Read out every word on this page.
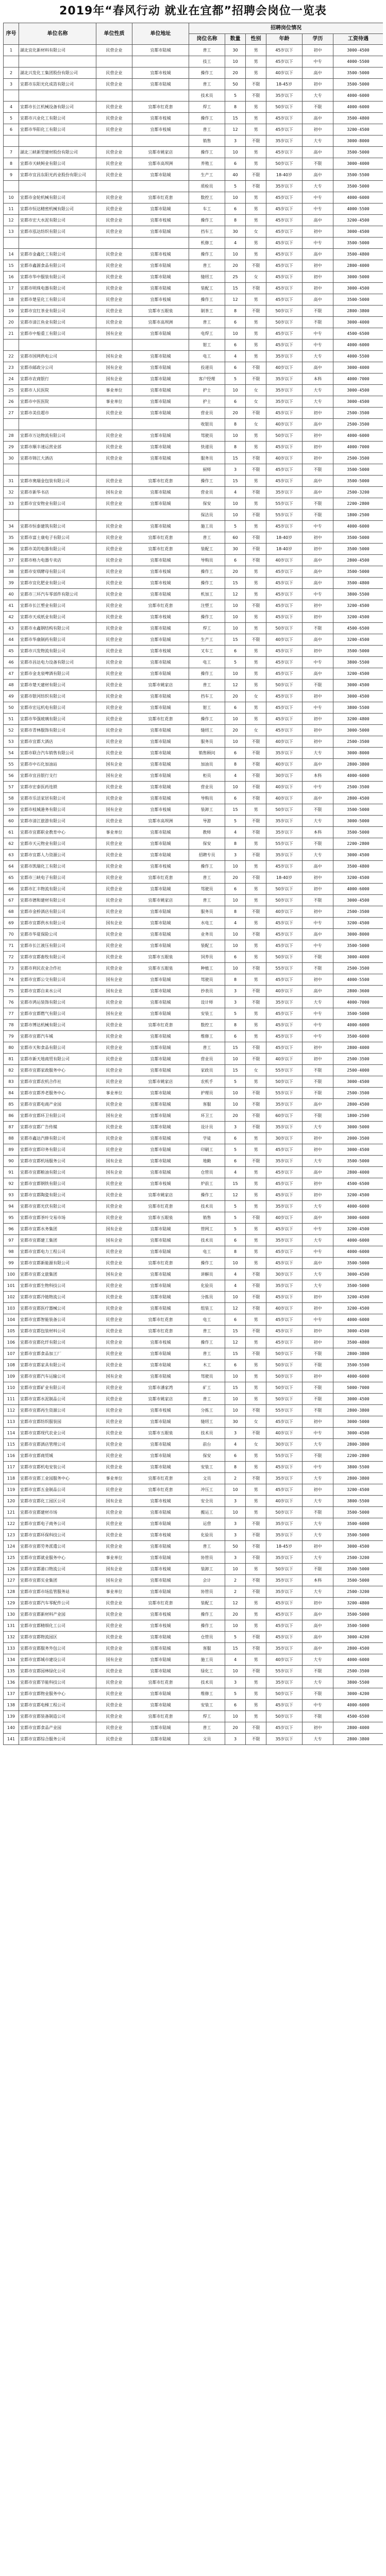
2019年“春风行动 就业在宜都”招聘会岗位一览表
序号	单位名称	单位性质	单位地址	招聘岗位情况					
				岗位名称	数量	性别	年龄	学历	工资待遇
1	湖北宜化新材料有限公司	民营企业	宜都市陆城	普工	30	男	45岁以下	初中	3000-4500
				技工	10	男	45岁以下	中专	4000-5500
2	湖北兴发化工集团股份有限公司	民营企业	宜都市枝城	操作工	20	男	40岁以下	高中	3500-5000
3	宜都市东阳光化成箔有限公司	民营企业	宜都市陆城	普工	50	不限	18-45岁	初中	3500-5000
				技术员	5	不限	35岁以下	大专	4000-6000
4	宜都市长江机械设备有限公司	民营企业	宜都市红花套	焊工	8	男	50岁以下	不限	4000-6000
5	宜都市兴业化工有限公司	民营企业	宜都市枝城	操作工	15	男	45岁以下	高中	3500-4800
6	宜都市华阳化工有限公司	民营企业	宜都市枝城	普工	12	男	45岁以下	初中	3200-4500
				销售	3	不限	35岁以下	大专	3000-8000
7	湖北三峡新型建材股份有限公司	民营企业	宜都市姚家店	操作工	10	男	45岁以下	高中	3500-5000
8	宜都市天峡鲟业有限公司	民营企业	宜都市高坝洲	养殖工	6	男	50岁以下	不限	3000-4000
9	宜都市宜昌东阳光药业股份有限公司	民营企业	宜都市陆城	生产工	40	不限	18-40岁	高中	3500-5500
				质检员	5	不限	35岁以下	大专	3500-5000
10	宜都市金轮机械有限公司	民营企业	宜都市红花套	数控工	10	男	45岁以下	中专	4000-6000
11	宜都市恒达精密机械有限公司	民营企业	宜都市陆城	车工	6	男	45岁以下	中专	4000-5500
12	宜都市宏大水泥有限公司	民营企业	宜都市枝城	操作工	8	男	45岁以下	高中	3200-4500
13	宜都市泓达纺织有限公司	民营企业	宜都市陆城	挡车工	30	女	45岁以下	初中	3000-4500
				机修工	4	男	45岁以下	中专	3500-5000
14	宜都市金鑫化工有限公司	民营企业	宜都市枝城	操作工	10	男	45岁以下	高中	3500-4800
15	宜都市鑫源食品有限公司	民营企业	宜都市陆城	普工	20	不限	45岁以下	初中	2800-4000
16	宜都市华中服装有限公司	民营企业	宜都市陆城	缝纫工	25	女	45岁以下	初中	3000-5000
17	宜都市明珠电器有限公司	民营企业	宜都市陆城	装配工	15	不限	45岁以下	初中	3000-4500
18	宜都市楚星化工有限公司	民营企业	宜都市枝城	操作工	12	男	45岁以下	高中	3500-5000
19	宜都市宜红茶业有限公司	民营企业	宜都市五眼泉	制茶工	8	不限	50岁以下	不限	2800-3800
20	宜都市清江鱼业有限公司	民营企业	宜都市高坝洲	普工	6	男	50岁以下	不限	3000-4000
21	宜都市中船重工有限公司	国有企业	宜都市陆城	电焊工	10	男	45岁以下	中专	4500-6500
				钳工	6	男	45岁以下	中专	4000-6000
22	宜都市国网供电公司	国有企业	宜都市陆城	电工	4	男	35岁以下	大专	4000-5500
23	宜都市邮政分公司	国有企业	宜都市陆城	投递员	6	不限	40岁以下	高中	3000-4000
24	宜都市农商银行	国有企业	宜都市陆城	客户经理	5	不限	35岁以下	本科	4000-7000
25	宜都市人民医院	事业单位	宜都市陆城	护士	10	女	35岁以下	大专	3000-4500
26	宜都市中医医院	事业单位	宜都市陆城	护士	6	女	35岁以下	大专	3000-4500
27	宜都市美佳超市	民营企业	宜都市陆城	营业员	20	不限	45岁以下	初中	2500-3500
				收银员	8	女	40岁以下	高中	2500-3500
28	宜都市万达物流有限公司	民营企业	宜都市陆城	驾驶员	10	男	50岁以下	初中	4000-6000
29	宜都市顺丰速运营业部	民营企业	宜都市陆城	快递员	8	男	45岁以下	初中	4000-7000
30	宜都市锦江大酒店	民营企业	宜都市陆城	服务员	15	不限	40岁以下	初中	2500-3500
				厨师	3	不限	45岁以下	不限	3500-5000
31	宜都市奥瑞金包装有限公司	民营企业	宜都市红花套	操作工	15	男	45岁以下	高中	3500-5000
32	宜都市新华书店	国有企业	宜都市陆城	营业员	4	不限	35岁以下	高中	2500-3200
33	宜都市宜安物业有限公司	民营企业	宜都市陆城	保安	10	男	55岁以下	不限	2200-2800
				保洁员	10	不限	55岁以下	不限	1800-2500
34	宜都市恒泰建筑有限公司	民营企业	宜都市陆城	施工员	5	男	45岁以下	中专	4000-6000
35	宜都市富士康电子有限公司	民营企业	宜都市红花套	普工	60	不限	18-40岁	初中	3500-5000
36	宜都市美的电器有限公司	民营企业	宜都市红花套	装配工	30	不限	18-40岁	初中	3500-5000
37	宜都市格力电器专卖店	民营企业	宜都市陆城	导购员	6	不限	40岁以下	高中	2800-4500
38	宜都市安琪酵母有限公司	民营企业	宜都市枝城	操作工	20	男	45岁以下	高中	3500-5000
39	宜都市宜化肥业有限公司	民营企业	宜都市枝城	操作工	15	男	45岁以下	高中	3500-4800
40	宜都市三环汽车零部件有限公司	民营企业	宜都市陆城	机加工	12	男	45岁以下	中专	3800-5500
41	宜都市长江塑业有限公司	民营企业	宜都市红花套	注塑工	10	不限	45岁以下	初中	3200-4500
42	宜都市天成纸业有限公司	民营企业	宜都市枝城	操作工	10	男	45岁以下	初中	3200-4500
43	宜都市永鑫钢结构有限公司	民营企业	宜都市陆城	焊工	10	男	50岁以下	不限	4500-6500
44	宜都市华康制药有限公司	民营企业	宜都市陆城	生产工	15	不限	40岁以下	高中	3200-4500
45	宜都市兴发物流有限公司	民营企业	宜都市枝城	叉车工	6	男	45岁以下	初中	3500-5000
46	宜都市昌达电力设备有限公司	民营企业	宜都市陆城	电工	5	男	45岁以下	中专	3800-5500
47	宜都市金龙泉啤酒有限公司	民营企业	宜都市陆城	操作工	10	男	45岁以下	高中	3200-4500
48	宜都市楚天建材有限公司	民营企业	宜都市姚家店	普工	12	男	50岁以下	不限	3000-4500
49	宜都市银河纺织有限公司	民营企业	宜都市陆城	挡车工	20	女	45岁以下	初中	3000-4500
50	宜都市宏远机电有限公司	民营企业	宜都市陆城	钳工	6	男	45岁以下	中专	3800-5500
51	宜都市华强玻璃有限公司	民营企业	宜都市红花套	操作工	10	男	45岁以下	初中	3200-4800
52	宜都市青林服饰有限公司	民营企业	宜都市陆城	缝纫工	20	女	45岁以下	初中	3000-5000
53	宜都市宜都大酒店	民营企业	宜都市陆城	服务员	10	不限	40岁以下	初中	2500-3500
54	宜都市联合汽车销售有限公司	民营企业	宜都市陆城	销售顾问	6	不限	35岁以下	大专	3000-8000
55	宜都市中石化加油站	国有企业	宜都市陆城	加油员	8	不限	40岁以下	高中	2800-3800
56	宜都市宜昌银行支行	国有企业	宜都市陆城	柜员	4	不限	30岁以下	本科	4000-6000
57	宜都市宏泰医药连锁	民营企业	宜都市陆城	营业员	10	不限	40岁以下	中专	2500-3500
58	宜都市乐活家居有限公司	民营企业	宜都市陆城	导购员	6	不限	40岁以下	高中	2800-4500
59	宜都市枝城港务有限公司	国有企业	宜都市枝城	装卸工	15	男	50岁以下	不限	3500-5000
60	宜都市清江旅游有限公司	民营企业	宜都市高坝洲	导游	5	不限	35岁以下	大专	3000-5000
61	宜都市宜都职业教育中心	事业单位	宜都市陆城	教师	4	不限	35岁以下	本科	3500-5000
62	宜都市天元物业有限公司	民营企业	宜都市陆城	保安	8	男	55岁以下	不限	2200-2800
63	宜都市宜都人力资源公司	民营企业	宜都市陆城	招聘专员	3	不限	35岁以下	大专	3000-4500
64	宜都市凯瑞化工有限公司	民营企业	宜都市枝城	操作工	10	男	45岁以下	高中	3500-4800
65	宜都市三峡电子有限公司	民营企业	宜都市红花套	普工	20	不限	18-40岁	初中	3200-4500
66	宜都市汇丰物流有限公司	民营企业	宜都市陆城	驾驶员	6	男	50岁以下	初中	4000-6000
67	宜都市德和建材有限公司	民营企业	宜都市姚家店	普工	10	男	50岁以下	不限	3000-4500
68	宜都市金桥酒店有限公司	民营企业	宜都市陆城	服务员	8	不限	40岁以下	初中	2500-3500
69	宜都市宜都供水有限公司	国有企业	宜都市陆城	水电工	4	男	45岁以下	中专	3200-4500
70	宜都市华夏保险公司	民营企业	宜都市陆城	业务员	10	不限	45岁以下	高中	3000-8000
71	宜都市长江液压有限公司	民营企业	宜都市陆城	装配工	10	男	45岁以下	中专	3500-5000
72	宜都市宜都畜牧有限公司	民营企业	宜都市五眼泉	饲养员	6	男	50岁以下	不限	3000-4000
73	宜都市利民农业合作社	民营企业	宜都市五眼泉	种植工	10	不限	55岁以下	不限	2500-3500
74	宜都市宜都公交有限公司	国有企业	宜都市陆城	驾驶员	8	男	45岁以下	初中	4000-5500
75	宜都市宜都自来水公司	国有企业	宜都市陆城	抄表员	3	不限	40岁以下	高中	2800-3600
76	宜都市鸿运装饰有限公司	民营企业	宜都市陆城	设计师	3	不限	35岁以下	大专	4000-7000
77	宜都市宜都燃气有限公司	国有企业	宜都市陆城	安装工	5	男	45岁以下	中专	3500-5000
78	宜都市博达机械有限公司	民营企业	宜都市红花套	数控工	8	男	45岁以下	中专	4000-6000
79	宜都市宜都汽车城	民营企业	宜都市陆城	维修工	6	男	45岁以下	中专	3500-6000
80	宜都市天和食品有限公司	民营企业	宜都市陆城	普工	15	不限	45岁以下	初中	2800-4000
81	宜都市新天地商贸有限公司	民营企业	宜都市陆城	营业员	10	不限	40岁以下	初中	2500-3500
82	宜都市宜都家政服务中心	民营企业	宜都市陆城	家政员	15	女	55岁以下	不限	2500-4000
83	宜都市宜都农机合作社	民营企业	宜都市姚家店	农机手	5	男	50岁以下	不限	3000-4500
84	宜都市宜都养老服务中心	事业单位	宜都市陆城	护理员	10	不限	55岁以下	不限	2500-3500
85	宜都市宜都电商产业园	民营企业	宜都市陆城	客服	10	不限	35岁以下	高中	2800-4500
86	宜都市宜都环卫有限公司	国有企业	宜都市陆城	环卫工	20	不限	60岁以下	不限	1800-2500
87	宜都市宜都广告传媒	民营企业	宜都市陆城	设计员	3	不限	35岁以下	大专	3000-5000
88	宜都市鑫达汽修有限公司	民营企业	宜都市陆城	学徒	6	男	30岁以下	初中	2000-3500
89	宜都市宜都印务有限公司	民营企业	宜都市陆城	印刷工	5	男	45岁以下	初中	3000-4500
90	宜都市宜都机场服务公司	国有企业	宜都市陆城	地勤	6	不限	35岁以下	大专	3500-5000
91	宜都市宜都粮油有限公司	国有企业	宜都市陆城	仓管员	4	男	45岁以下	高中	2800-4000
92	宜都市宜都钢铁有限公司	民营企业	宜都市枝城	炉前工	15	男	45岁以下	初中	4500-6500
93	宜都市宜都陶瓷有限公司	民营企业	宜都市姚家店	操作工	12	男	45岁以下	初中	3200-4500
94	宜都市宜都光伏有限公司	民营企业	宜都市红花套	技术员	5	男	35岁以下	大专	4000-6000
95	宜都市宜都茶叶交易市场	民营企业	宜都市五眼泉	销售	5	不限	40岁以下	高中	3000-6000
96	宜都市宜都水务集团	国有企业	宜都市陆城	管网工	5	男	45岁以下	中专	3200-4500
97	宜都市宜都建工集团	国有企业	宜都市陆城	技术员	6	男	35岁以下	大专	4000-6000
98	宜都市宜都电力工程公司	民营企业	宜都市陆城	电工	8	男	45岁以下	中专	4000-6000
99	宜都市宜都新能源有限公司	民营企业	宜都市红花套	操作工	10	男	45岁以下	高中	3500-5000
100	宜都市宜都文旅集团	国有企业	宜都市陆城	讲解员	4	不限	30岁以下	大专	3000-4500
101	宜都市宜都生物科技公司	民营企业	宜都市陆城	化验员	4	不限	35岁以下	大专	3500-5000
102	宜都市宜都冷链物流公司	民营企业	宜都市陆城	分拣员	10	不限	45岁以下	初中	3200-4500
103	宜都市宜都医疗器械公司	民营企业	宜都市陆城	组装工	12	不限	40岁以下	初中	3200-4500
104	宜都市宜都智能装备公司	民营企业	宜都市红花套	电工	6	男	45岁以下	中专	4000-6000
105	宜都市宜都包装材料公司	民营企业	宜都市红花套	普工	15	不限	45岁以下	初中	3000-4500
106	宜都市宜都化纤有限公司	民营企业	宜都市枝城	操作工	12	男	45岁以下	初中	3500-4800
107	宜都市宜都食品加工厂	民营企业	宜都市陆城	普工	15	不限	50岁以下	不限	2800-3800
108	宜都市宜都家具有限公司	民营企业	宜都市陆城	木工	6	男	50岁以下	不限	3500-5500
109	宜都市宜都汽车运输公司	国有企业	宜都市陆城	驾驶员	10	男	50岁以下	初中	4000-6000
110	宜都市宜都矿业有限公司	民营企业	宜都市潘家湾	矿工	15	男	50岁以下	不限	5000-7000
111	宜都市宜都水泥制品公司	民营企业	宜都市姚家店	普工	10	男	50岁以下	不限	3000-4500
112	宜都市宜都再生资源公司	民营企业	宜都市枝城	分拣工	10	不限	55岁以下	不限	2800-3800
113	宜都市宜都纺织服装园	民营企业	宜都市陆城	缝纫工	30	女	45岁以下	初中	3000-5000
114	宜都市宜都现代农业公司	民营企业	宜都市五眼泉	技术员	3	不限	40岁以下	中专	3000-4500
115	宜都市宜都酒店管理公司	民营企业	宜都市陆城	前台	4	女	30岁以下	大专	2800-3800
116	宜都市宜都商贸城	民营企业	宜都市陆城	保安	6	男	55岁以下	不限	2200-2800
117	宜都市宜都机电安装公司	民营企业	宜都市陆城	安装工	8	男	45岁以下	中专	3800-5500
118	宜都市宜都工业园服务中心	事业单位	宜都市红花套	文员	2	不限	35岁以下	大专	2800-3800
119	宜都市宜都五金制品公司	民营企业	宜都市红花套	冲压工	10	男	45岁以下	初中	3200-4500
120	宜都市宜都化工园区公司	国有企业	宜都市枝城	安全员	3	男	40岁以下	大专	3800-5500
121	宜都市宜都建材市场	民营企业	宜都市陆城	搬运工	10	男	50岁以下	不限	3500-5000
122	宜都市宜都电子商务公司	民营企业	宜都市陆城	运营	3	不限	35岁以下	大专	3500-6000
123	宜都市宜都环保科技公司	民营企业	宜都市枝城	化验员	3	不限	35岁以下	大专	3500-5000
124	宜都市宜都劳务派遣公司	民营企业	宜都市陆城	普工	50	不限	18-45岁	初中	3000-4500
125	宜都市宜都就业服务中心	事业单位	宜都市陆城	协管员	3	不限	35岁以下	大专	2500-3200
126	宜都市宜都港口物流公司	国有企业	宜都市枝城	装卸工	10	男	50岁以下	不限	3500-5000
127	宜都市宜都实业集团	国有企业	宜都市陆城	会计	2	不限	35岁以下	本科	3500-5000
128	宜都市宜都市场监管服务站	事业单位	宜都市陆城	协管员	2	不限	35岁以下	大专	2500-3200
129	宜都市宜都汽车零配件公司	民营企业	宜都市红花套	装配工	12	男	45岁以下	初中	3200-4800
130	宜都市宜都新材料产业园	民营企业	宜都市枝城	操作工	20	男	45岁以下	高中	3500-5000
131	宜都市宜都精细化工公司	民营企业	宜都市枝城	操作工	10	男	45岁以下	高中	3500-5000
132	宜都市宜都物流园区	民营企业	宜都市陆城	仓管员	5	不限	45岁以下	高中	3000-4200
133	宜都市宜都服务外包公司	民营企业	宜都市陆城	客服	15	不限	35岁以下	高中	2800-4500
134	宜都市宜都城市建设公司	国有企业	宜都市陆城	施工员	4	男	40岁以下	大专	4000-6000
135	宜都市宜都园林绿化公司	民营企业	宜都市陆城	绿化工	10	不限	55岁以下	不限	2500-3500
136	宜都市宜都节能科技公司	民营企业	宜都市红花套	技术员	3	男	35岁以下	大专	3800-5500
137	宜都市宜都物业服务中心	民营企业	宜都市陆城	维修工	5	男	50岁以下	不限	3000-4200
138	宜都市宜都电梯工程公司	民营企业	宜都市陆城	安装工	6	男	45岁以下	中专	4000-6000
139	宜都市宜都装备制造公司	民营企业	宜都市红花套	焊工	10	男	50岁以下	不限	4500-6500
140	宜都市宜都食品产业园	民营企业	宜都市陆城	普工	20	不限	45岁以下	初中	2800-4000
141	宜都市宜都综合服务公司	民营企业	宜都市陆城	文员	3	不限	35岁以下	大专	2800-3800
